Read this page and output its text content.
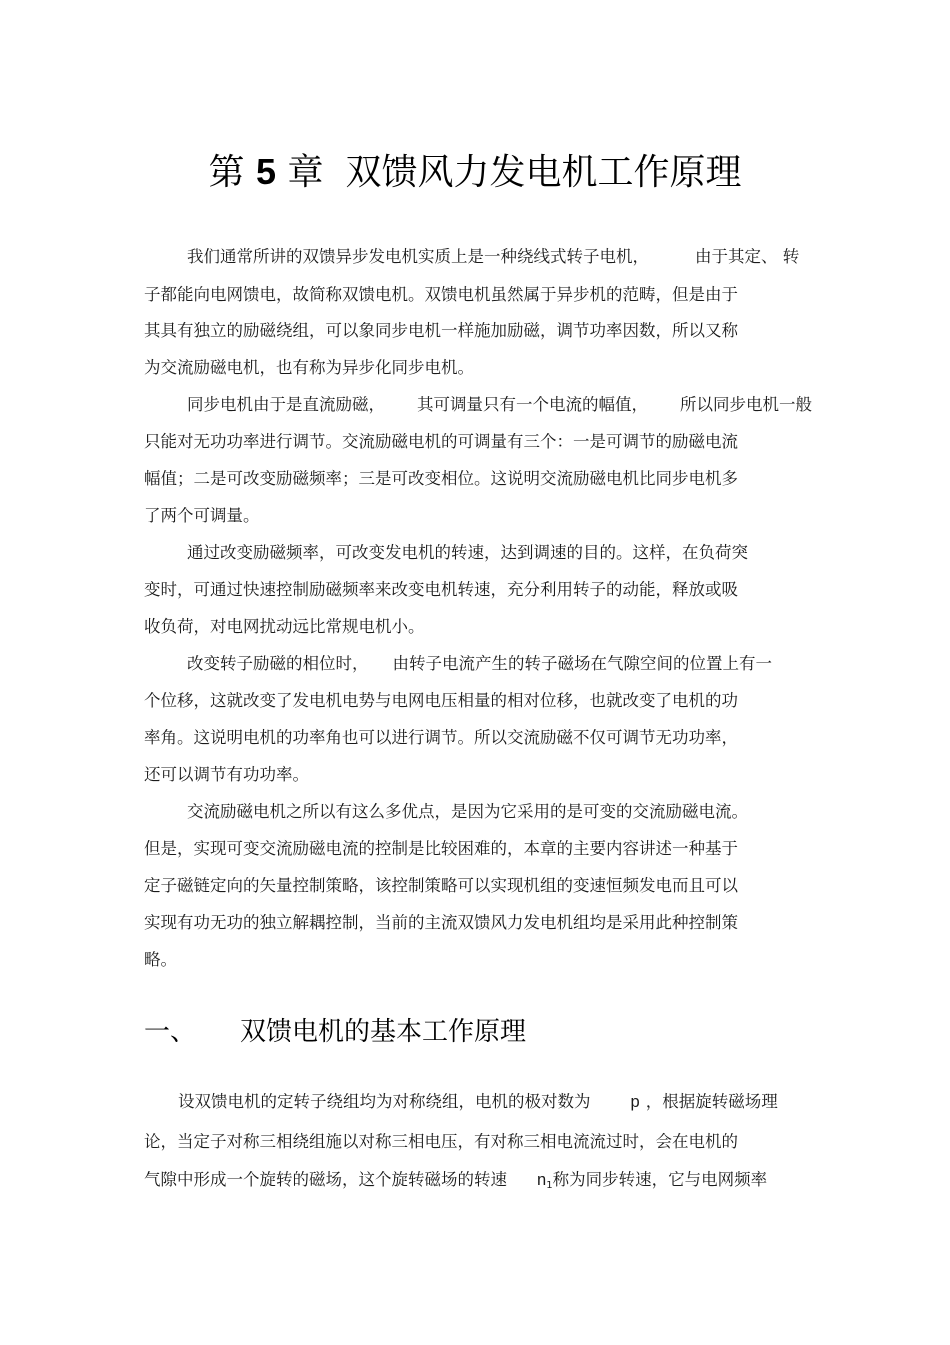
第 5 章 双馈风力发电机工作原理
我们通常所讲的双馈异步发电机实质上是一种绕线式转子电机，	由于其定、 转
子都能向电网馈电，故简称双馈电机。双馈电机虽然属于异步机的范畴，但是由于
其具有独立的励磁绕组，可以象同步电机一样施加励磁，调节功率因数，所以又称
为交流励磁电机，也有称为异步化同步电机。
同步电机由于是直流励磁， 其可调量只有一个电流的幅值， 所以同步电机一般
只能对无功功率进行调节。交流励磁电机的可调量有三个：一是可调节的励磁电流
幅值；二是可改变励磁频率；三是可改变相位。这说明交流励磁电机比同步电机多
了两个可调量。
通过改变励磁频率，可改变发电机的转速，达到调速的目的。这样，在负荷突
变时，可通过快速控制励磁频率来改变电机转速，充分利用转子的动能，释放或吸
收负荷，对电网扰动远比常规电机小。
改变转子励磁的相位时， 由转子电流产生的转子磁场在气隙空间的位置上有一
个位移，这就改变了发电机电势与电网电压相量的相对位移，也就改变了电机的功
率角。这说明电机的功率角也可以进行调节。所以交流励磁不仅可调节无功功率，
还可以调节有功功率。
交流励磁电机之所以有这么多优点，是因为它采用的是可变的交流励磁电流。
但是，实现可变交流励磁电流的控制是比较困难的，本章的主要内容讲述一种基于
定子磁链定向的矢量控制策略，该控制策略可以实现机组的变速恒频发电而且可以
实现有功无功的独立解耦控制，当前的主流双馈风力发电机组均是采用此种控制策
略。
一、 双馈电机的基本工作原理
设双馈电机的定转子绕组均为对称绕组，电机的极对数为 p ，根据旋转磁场理
论，当定子对称三相绕组施以对称三相电压，有对称三相电流流过时，会在电机的
气隙中形成一个旋转的磁场，这个旋转磁场的转速 $n_1$称为同步转速，它与电网频率
